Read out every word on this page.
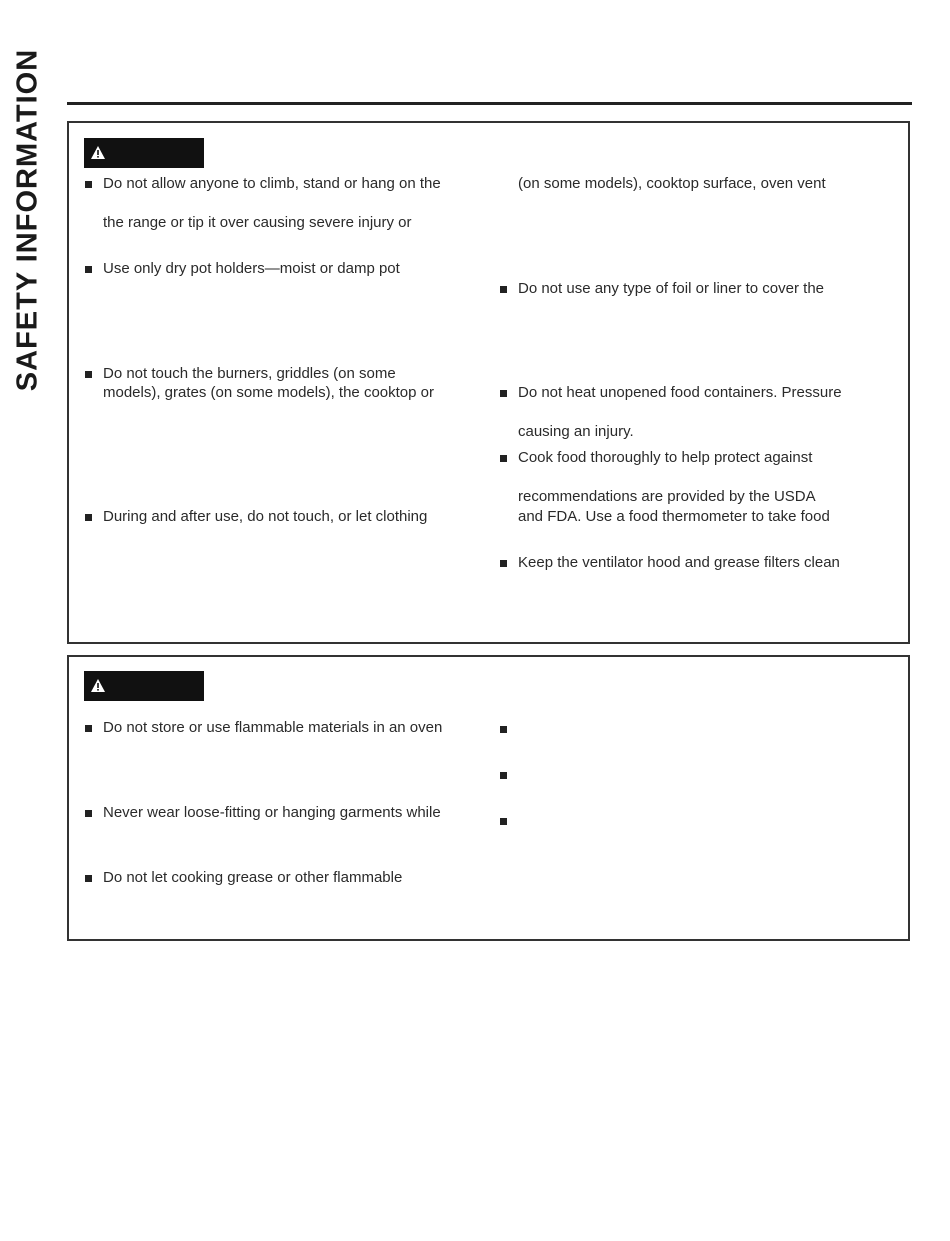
SAFETY INFORMATION	Do not allow anyone to climb, stand or hang on the
the range or tip it over causing severe injury or
Use only dry pot holders—moist or damp pot
Do not touch the burners, griddles (on some
models), grates (on some models), the cooktop or
During and after use, do not touch, or let clothing
(on some models), cooktop surface, oven vent
Do not use any type of foil or liner to cover the
Do not heat unopened food containers. Pressure
causing an injury.
Cook food thoroughly to help protect against
recommendations are provided by the USDA
and FDA. Use a food thermometer to take food
Keep the ventilator hood and grease filters clean
Do not store or use flammable materials in an oven
Never wear loose-fitting or hanging garments while
Do not let cooking grease or other flammable
